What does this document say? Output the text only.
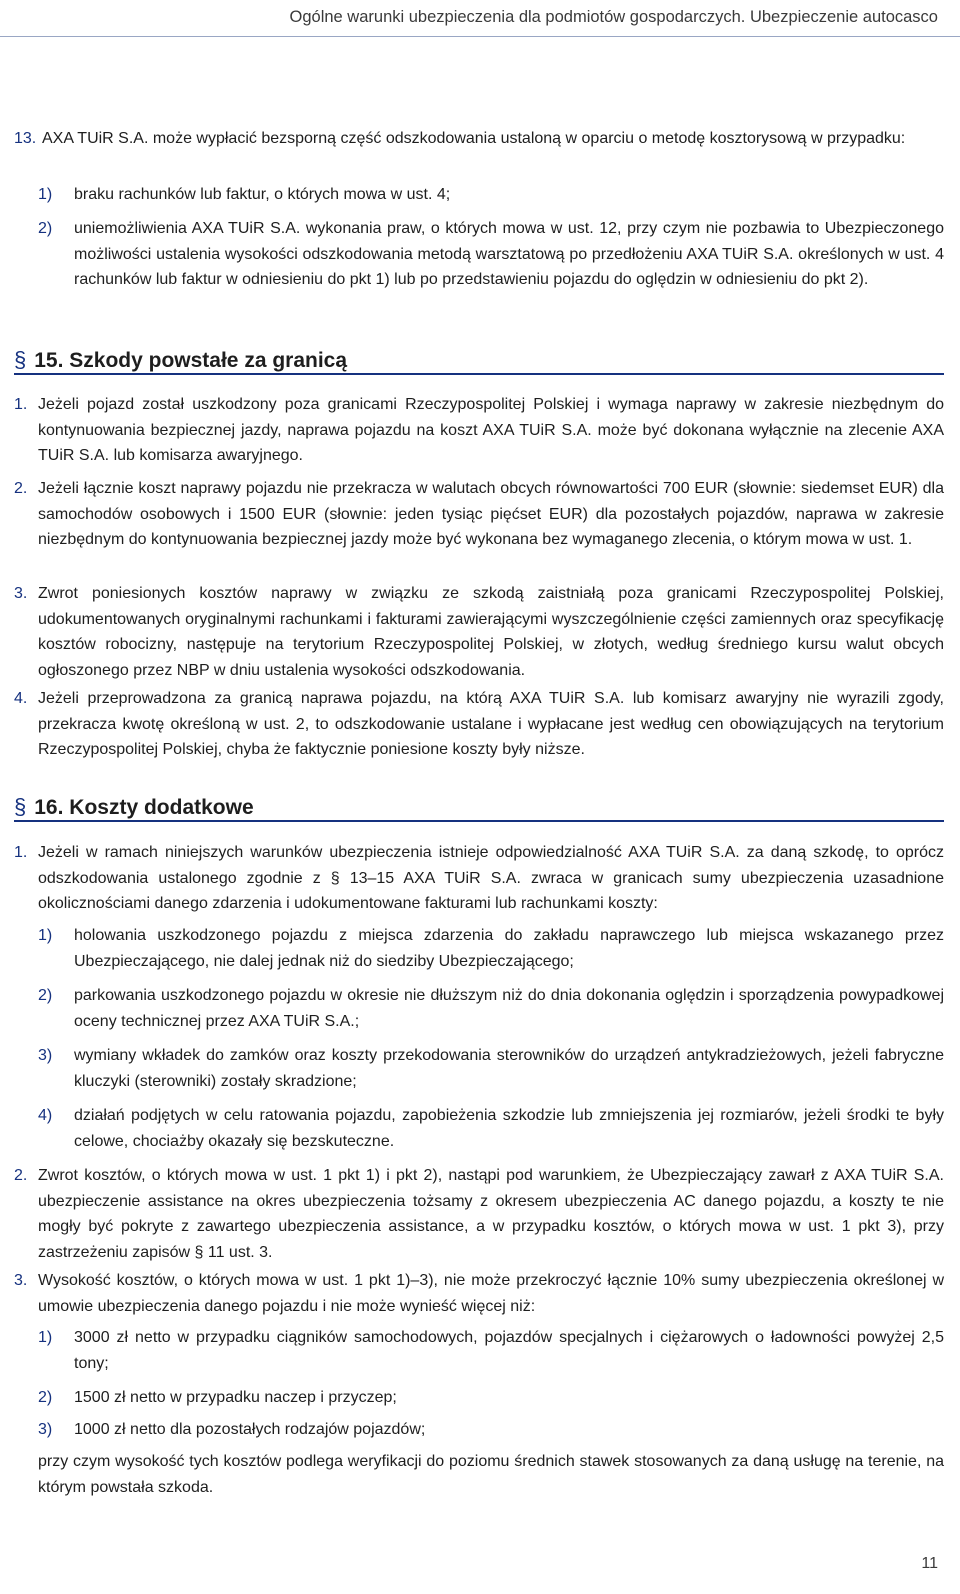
Ogólne warunki ubezpieczenia dla podmiotów gospodarczych. Ubezpieczenie autocasco
13. AXA TUiR S.A. może wypłacić bezsporną część odszkodowania ustaloną w oparciu o metodę kosztorysową w przypadku:
1) braku rachunków lub faktur, o których mowa w ust. 4;
2) uniemożliwienia AXA TUiR S.A. wykonania praw, o których mowa w ust. 12, przy czym nie pozbawia to Ubezpieczonego możliwości ustalenia wysokości odszkodowania metodą warsztatową po przedłożeniu AXA TUiR S.A. określonych w ust. 4 rachunków lub faktur w odniesieniu do pkt 1) lub po przedstawieniu pojazdu do oględzin w odniesieniu do pkt 2).
§ 15. Szkody powstałe za granicą
1. Jeżeli pojazd został uszkodzony poza granicami Rzeczypospolitej Polskiej i wymaga naprawy w zakresie niezbędnym do kontynuowania bezpiecznej jazdy, naprawa pojazdu na koszt AXA TUiR S.A. może być dokonana wyłącznie na zlecenie AXA TUiR S.A. lub komisarza awaryjnego.
2. Jeżeli łącznie koszt naprawy pojazdu nie przekracza w walutach obcych równowartości 700 EUR (słownie: siedemset EUR) dla samochodów osobowych i 1500 EUR (słownie: jeden tysiąc pięćset EUR) dla pozostałych pojazdów, naprawa w zakresie niezbędnym do kontynuowania bezpiecznej jazdy może być wykonana bez wymaganego zlecenia, o którym mowa w ust. 1.
3. Zwrot poniesionych kosztów naprawy w związku ze szkodą zaistniałą poza granicami Rzeczypospolitej Polskiej, udokumentowanych oryginalnymi rachunkami i fakturami zawierającymi wyszczególnienie części zamiennych oraz specyfikację kosztów robocizny, następuje na terytorium Rzeczypospolitej Polskiej, w złotych, według średniego kursu walut obcych ogłoszonego przez NBP w dniu ustalenia wysokości odszkodowania.
4. Jeżeli przeprowadzona za granicą naprawa pojazdu, na którą AXA TUiR S.A. lub komisarz awaryjny nie wyrazili zgody, przekracza kwotę określoną w ust. 2, to odszkodowanie ustalane i wypłacane jest według cen obowiązujących na terytorium Rzeczypospolitej Polskiej, chyba że faktycznie poniesione koszty były niższe.
§ 16. Koszty dodatkowe
1. Jeżeli w ramach niniejszych warunków ubezpieczenia istnieje odpowiedzialność AXA TUiR S.A. za daną szkodę, to oprócz odszkodowania ustalonego zgodnie z § 13–15 AXA TUiR S.A. zwraca w granicach sumy ubezpieczenia uzasadnione okolicznościami danego zdarzenia i udokumentowane fakturami lub rachunkami koszty:
1) holowania uszkodzonego pojazdu z miejsca zdarzenia do zakładu naprawczego lub miejsca wskazanego przez Ubezpieczającego, nie dalej jednak niż do siedziby Ubezpieczającego;
2) parkowania uszkodzonego pojazdu w okresie nie dłuższym niż do dnia dokonania oględzin i sporządzenia powypadkowej oceny technicznej przez AXA TUiR S.A.;
3) wymiany wkładek do zamków oraz koszty przekodowania sterowników do urządzeń antykradzieżowych, jeżeli fabryczne kluczyki (sterowniki) zostały skradzione;
4) działań podjętych w celu ratowania pojazdu, zapobieżenia szkodzie lub zmniejszenia jej rozmiarów, jeżeli środki te były celowe, chociażby okazały się bezskuteczne.
2. Zwrot kosztów, o których mowa w ust. 1 pkt 1) i pkt 2), nastąpi pod warunkiem, że Ubezpieczający zawarł z AXA TUiR S.A. ubezpieczenie assistance na okres ubezpieczenia tożsamy z okresem ubezpieczenia AC danego pojazdu, a koszty te nie mogły być pokryte z zawartego ubezpieczenia assistance, a w przypadku kosztów, o których mowa w ust. 1 pkt 3), przy zastrzeżeniu zapisów § 11 ust. 3.
3. Wysokość kosztów, o których mowa w ust. 1 pkt 1)–3), nie może przekroczyć łącznie 10% sumy ubezpieczenia określonej w umowie ubezpieczenia danego pojazdu i nie może wynieść więcej niż:
1) 3000 zł netto w przypadku ciągników samochodowych, pojazdów specjalnych i ciężarowych o ładowności powyżej 2,5 tony;
2) 1500 zł netto w przypadku naczep i przyczep;
3) 1000 zł netto dla pozostałych rodzajów pojazdów;
przy czym wysokość tych kosztów podlega weryfikacji do poziomu średnich stawek stosowanych za daną usługę na terenie, na którym powstała szkoda.
11
